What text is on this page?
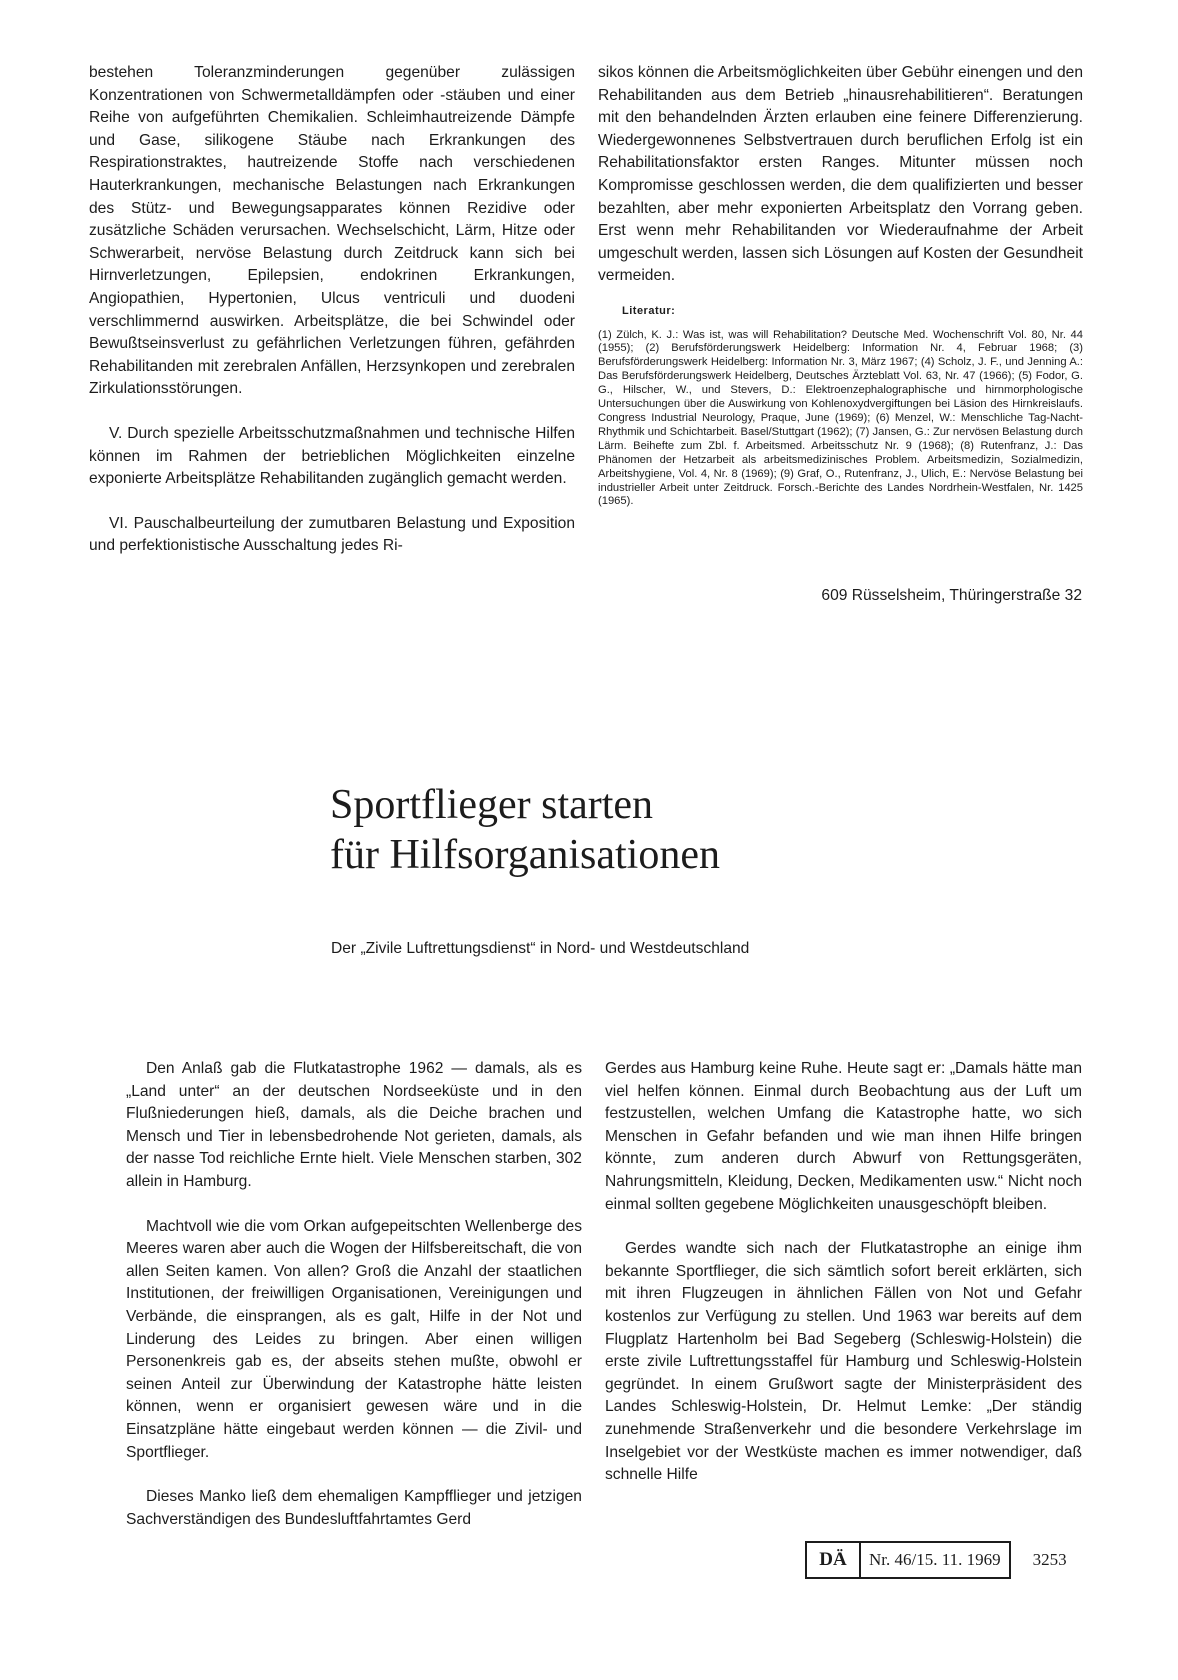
bestehen Toleranzminderungen gegenüber zulässigen Konzentrationen von Schwermetalldämpfen oder -stäuben und einer Reihe von aufgeführten Chemikalien. Schleimhautreizende Dämpfe und Gase, silikogene Stäube nach Erkrankungen des Respirationstraktes, hautreizende Stoffe nach verschiedenen Hauterkrankungen, mechanische Belastungen nach Erkrankungen des Stütz- und Bewegungsapparates können Rezidive oder zusätzliche Schäden verursachen. Wechselschicht, Lärm, Hitze oder Schwerarbeit, nervöse Belastung durch Zeitdruck kann sich bei Hirnverletzungen, Epilepsien, endokrinen Erkrankungen, Angiopathien, Hypertonien, Ulcus ventriculi und duodeni verschlimmernd auswirken. Arbeitsplätze, die bei Schwindel oder Bewußtseinsverlust zu gefährlichen Verletzungen führen, gefährden Rehabilitanden mit zerebralen Anfällen, Herzsynkopen und zerebralen Zirkulationsstörungen.

V. Durch spezielle Arbeitsschutzmaßnahmen und technische Hilfen können im Rahmen der betrieblichen Möglichkeiten einzelne exponierte Arbeitsplätze Rehabilitanden zugänglich gemacht werden.

VI. Pauschalbeurteilung der zumutbaren Belastung und Exposition und perfektionistische Ausschaltung jedes Ri-

sikos können die Arbeitsmöglichkeiten über Gebühr einengen und den Rehabilitanden aus dem Betrieb „hinausrehabilitieren“. Beratungen mit den behandelnden Ärzten erlauben eine feinere Differenzierung. Wiedergewonnenes Selbstvertrauen durch beruflichen Erfolg ist ein Rehabilitationsfaktor ersten Ranges. Mitunter müssen noch Kompromisse geschlossen werden, die dem qualifizierten und besser bezahlten, aber mehr exponierten Arbeitsplatz den Vorrang geben. Erst wenn mehr Rehabilitanden vor Wiederaufnahme der Arbeit umgeschult werden, lassen sich Lösungen auf Kosten der Gesundheit vermeiden.

Literatur:

(1) Zülch, K. J.: Was ist, was will Rehabilitation? Deutsche Med. Wochenschrift Vol. 80, Nr. 44 (1955); (2) Berufsförderungswerk Heidelberg: Information Nr. 4, Februar 1968; (3) Berufsförderungswerk Heidelberg: Information Nr. 3, März 1967; (4) Scholz, J. F., und Jenning A.: Das Berufsförderungswerk Heidelberg, Deutsches Ärzteblatt Vol. 63, Nr. 47 (1966); (5) Fodor, G. G., Hilscher, W., und Stevers, D.: Elektroenzephalographische und hirnmorphologische Untersuchungen über die Auswirkung von Kohlenoxydvergiftungen bei Läsion des Hirnkreislaufs. Congress Industrial Neurology, Praque, June (1969); (6) Menzel, W.: Menschliche Tag-Nacht-Rhythmik und Schichtarbeit. Basel/Stuttgart (1962); (7) Jansen, G.: Zur nervösen Belastung durch Lärm. Beihefte zum Zbl. f. Arbeitsmed. Arbeitsschutz Nr. 9 (1968); (8) Rutenfranz, J.: Das Phänomen der Hetzarbeit als arbeitsmedizinisches Problem. Arbeitsmedizin, Sozialmedizin, Arbeitshygiene, Vol. 4, Nr. 8 (1969); (9) Graf, O., Rutenfranz, J., Ulich, E.: Nervöse Belastung bei industrieller Arbeit unter Zeitdruck. Forsch.-Berichte des Landes Nordrhein-Westfalen, Nr. 1425 (1965).

609 Rüsselsheim, Thüringerstraße 32
Sportflieger starten
für Hilfsorganisationen

Der „Zivile Luftrettungsdienst“ in Nord- und Westdeutschland

Den Anlaß gab die Flutkatastrophe 1962 — damals, als es „Land unter“ an der deutschen Nordseeküste und in den Flußniederungen hieß, damals, als die Deiche brachen und Mensch und Tier in lebensbedrohende Not gerieten, damals, als der nasse Tod reichliche Ernte hielt. Viele Menschen starben, 302 allein in Hamburg.

Machtvoll wie die vom Orkan aufgepeitschten Wellenberge des Meeres waren aber auch die Wogen der Hilfsbereitschaft, die von allen Seiten kamen. Von allen? Groß die Anzahl der staatlichen Institutionen, der freiwilligen Organisationen, Vereinigungen und Verbände, die einsprangen, als es galt, Hilfe in der Not und Linderung des Leides zu bringen. Aber einen willigen Personenkreis gab es, der abseits stehen mußte, obwohl er seinen Anteil zur Überwindung der Katastrophe hätte leisten können, wenn er organisiert gewesen wäre und in die Einsatzpläne hätte eingebaut werden können — die Zivil- und Sportflieger.

Dieses Manko ließ dem ehemaligen Kampfflieger und jetzigen Sachverständigen des Bundesluftfahrtamtes Gerd

Gerdes aus Hamburg keine Ruhe. Heute sagt er: „Damals hätte man viel helfen können. Einmal durch Beobachtung aus der Luft um festzustellen, welchen Umfang die Katastrophe hatte, wo sich Menschen in Gefahr befanden und wie man ihnen Hilfe bringen könnte, zum anderen durch Abwurf von Rettungsgeräten, Nahrungsmitteln, Kleidung, Decken, Medikamenten usw.“ Nicht noch einmal sollten gegebene Möglichkeiten unausgeschöpft bleiben.

Gerdes wandte sich nach der Flutkatastrophe an einige ihm bekannte Sportflieger, die sich sämtlich sofort bereit erklärten, sich mit ihren Flugzeugen in ähnlichen Fällen von Not und Gefahr kostenlos zur Verfügung zu stellen. Und 1963 war bereits auf dem Flugplatz Hartenholm bei Bad Segeberg (Schleswig-Holstein) die erste zivile Luftrettungsstaffel für Hamburg und Schleswig-Holstein gegründet. In einem Grußwort sagte der Ministerpräsident des Landes Schleswig-Holstein, Dr. Helmut Lemke: „Der ständig zunehmende Straßenverkehr und die besondere Verkehrslage im Inselgebiet vor der Westküste machen es immer notwendiger, daß schnelle Hilfe

DÄ	Nr. 46/15. 11. 1969	3253
